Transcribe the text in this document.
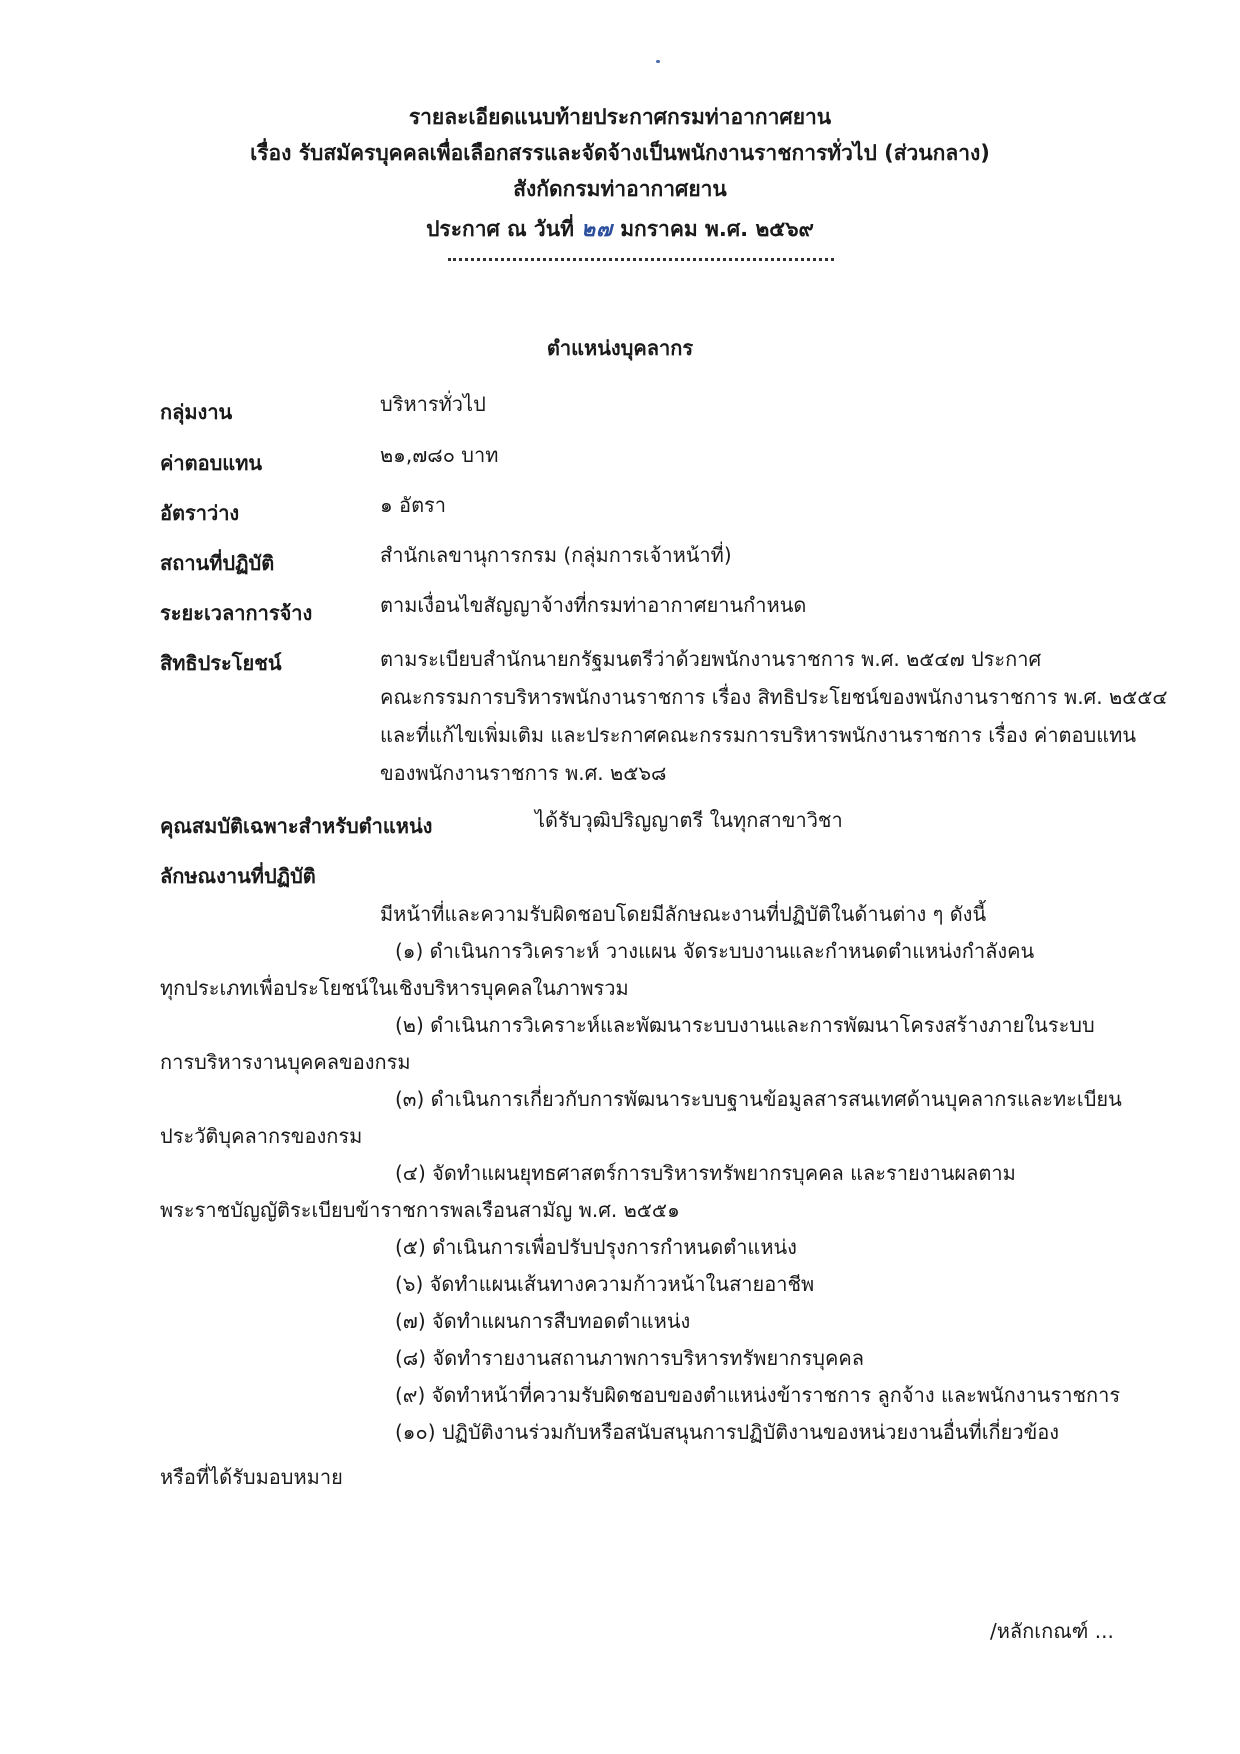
รายละเอียดแนบท้ายประกาศกรมท่าอากาศยาน
เรื่อง รับสมัครบุคคลเพื่อเลือกสรรและจัดจ้างเป็นพนักงานราชการทั่วไป (ส่วนกลาง)
สังกัดกรมท่าอากาศยาน
ประกาศ ณ วันที่ ๒๗ มกราคม พ.ศ. ๒๕๖๙
ตำแหน่งบุคลากร
กลุ่มงาน	บริหารทั่วไป
ค่าตอบแทน	๒๑,๗๘๐ บาท
อัตราว่าง	๑ อัตรา
สถานที่ปฏิบัติ	สำนักเลขานุการกรม (กลุ่มการเจ้าหน้าที่)
ระยะเวลาการจ้าง	ตามเงื่อนไขสัญญาจ้างที่กรมท่าอากาศยานกำหนด
สิทธิประโยชน์	ตามระเบียบสำนักนายกรัฐมนตรีว่าด้วยพนักงานราชการ พ.ศ. ๒๕๔๗ ประกาศ
คณะกรรมการบริหารพนักงานราชการ เรื่อง สิทธิประโยชน์ของพนักงานราชการ พ.ศ. ๒๕๕๔
และที่แก้ไขเพิ่มเติม และประกาศคณะกรรมการบริหารพนักงานราชการ เรื่อง ค่าตอบแทน
ของพนักงานราชการ พ.ศ. ๒๕๖๘
คุณสมบัติเฉพาะสำหรับตำแหน่ง	ได้รับวุฒิปริญญาตรี ในทุกสาขาวิชา
ลักษณงานที่ปฏิบัติ
มีหน้าที่และความรับผิดชอบโดยมีลักษณะงานที่ปฏิบัติในด้านต่าง ๆ ดังนี้
(๑) ดำเนินการวิเคราะห์ วางแผน จัดระบบงานและกำหนดตำแหน่งกำลังคน
ทุกประเภทเพื่อประโยชน์ในเชิงบริหารบุคคลในภาพรวม
(๒) ดำเนินการวิเคราะห์และพัฒนาระบบงานและการพัฒนาโครงสร้างภายในระบบ
การบริหารงานบุคคลของกรม
(๓) ดำเนินการเกี่ยวกับการพัฒนาระบบฐานข้อมูลสารสนเทศด้านบุคลากรและทะเบียน
ประวัติบุคลากรของกรม
(๔) จัดทำแผนยุทธศาสตร์การบริหารทรัพยากรบุคคล และรายงานผลตาม
พระราชบัญญัติระเบียบข้าราชการพลเรือนสามัญ พ.ศ. ๒๕๕๑
(๕) ดำเนินการเพื่อปรับปรุงการกำหนดตำแหน่ง
(๖) จัดทำแผนเส้นทางความก้าวหน้าในสายอาชีพ
(๗) จัดทำแผนการสืบทอดตำแหน่ง
(๘) จัดทำรายงานสถานภาพการบริหารทรัพยากรบุคคล
(๙) จัดทำหน้าที่ความรับผิดชอบของตำแหน่งข้าราชการ ลูกจ้าง และพนักงานราชการ
(๑๐) ปฏิบัติงานร่วมกับหรือสนับสนุนการปฏิบัติงานของหน่วยงานอื่นที่เกี่ยวข้อง
หรือที่ได้รับมอบหมาย
/หลักเกณฑ์ ...
